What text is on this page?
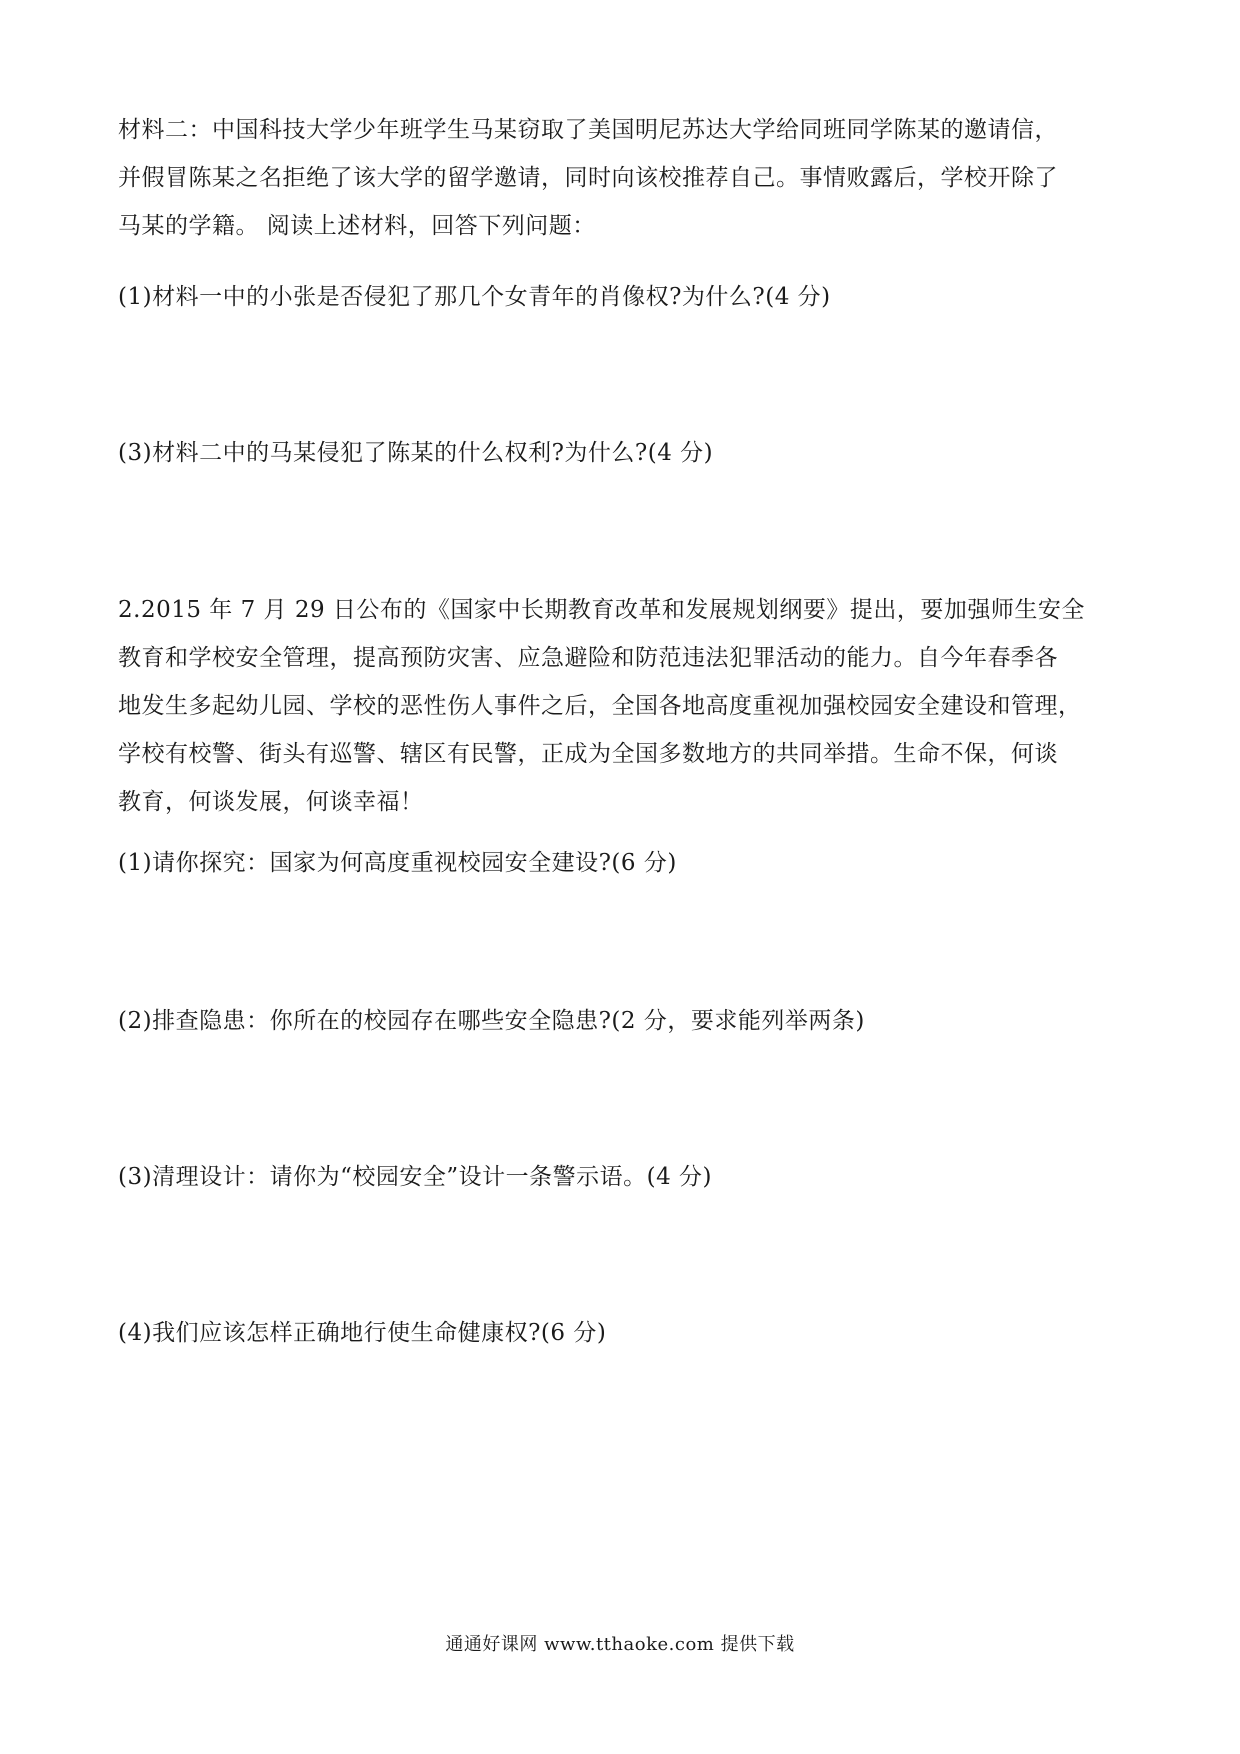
材料二：中国科技大学少年班学生马某窃取了美国明尼苏达大学给同班同学陈某的邀请信，
并假冒陈某之名拒绝了该大学的留学邀请，同时向该校推荐自己。事情败露后，学校开除了
马某的学籍。 阅读上述材料，回答下列问题：

(1)材料一中的小张是否侵犯了那几个女青年的肖像权?为什么?(4 分)

(3)材料二中的马某侵犯了陈某的什么权利?为什么?(4 分)

2.2015 年 7 月 29 日公布的《国家中长期教育改革和发展规划纲要》提出，要加强师生安全
教育和学校安全管理，提高预防灾害、应急避险和防范违法犯罪活动的能力。自今年春季各
地发生多起幼儿园、学校的恶性伤人事件之后，全国各地高度重视加强校园安全建设和管理，
学校有校警、街头有巡警、辖区有民警，正成为全国多数地方的共同举措。生命不保，何谈
教育，何谈发展，何谈幸福！

(1)请你探究：国家为何高度重视校园安全建设?(6 分)

(2)排查隐患：你所在的校园存在哪些安全隐患?(2 分，要求能列举两条)

(3)清理设计：请你为“校园安全”设计一条警示语。(4 分)

(4)我们应该怎样正确地行使生命健康权?(6 分)

通通好课网 www.tthaoke.com 提供下载
